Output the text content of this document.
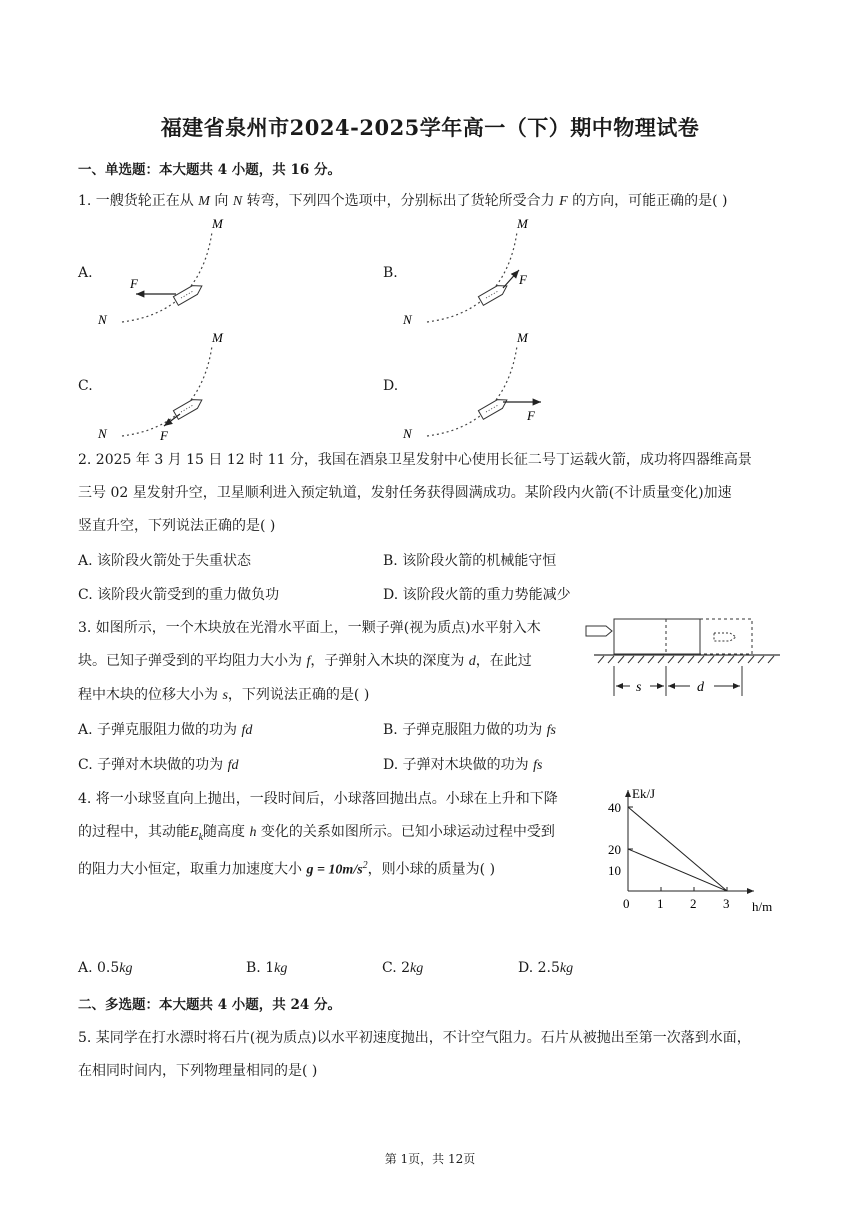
福建省泉州市2024-2025学年高一（下）期中物理试卷
一、单选题：本大题共 4 小题，共 16 分。
1. 一艘货轮正在从 M 向 N 转弯，下列四个选项中，分别标出了货轮所受合力 F 的方向，可能正确的是( )
A.	B.
C.	D.
M
N
F
M
N
F
M
N	F
M
N
F
2. 2025 年 3 月 15 日 12 时 11 分，我国在酒泉卫星发射中心使用长征二号丁运载火箭，成功将四器维高景
三号 02 星发射升空，卫星顺利进入预定轨道，发射任务获得圆满成功。某阶段内火箭(不计质量变化)加速
竖直升空，下列说法正确的是( )
A. 该阶段火箭处于失重状态	B. 该阶段火箭的机械能守恒
C. 该阶段火箭受到的重力做负功	D. 该阶段火箭的重力势能减少
3. 如图所示，一个木块放在光滑水平面上，一颗子弹(视为质点)水平射入木
块。已知子弹受到的平均阻力大小为 f，子弹射入木块的深度为 d，在此过
程中木块的位移大小为 s，下列说法正确的是( )
A. 子弹克服阻力做的功为 fd	B. 子弹克服阻力做的功为 fs
C. 子弹对木块做的功为 fd	D. 子弹对木块做的功为 fs
s	d
4. 将一小球竖直向上抛出，一段时间后，小球落回抛出点。小球在上升和下降
的过程中，其动能$E_k$随高度 h 变化的关系如图所示。已知小球运动过程中受到
的阻力大小恒定，取重力加速度大小 $g = 10m/s^2$，则小球的质量为( )
A. 0.5kg	B. 1kg	C. 2kg	D. 2.5kg
10
20
40
0 1 2 3
Ek/J
h/m
二、多选题：本大题共 4 小题，共 24 分。
5. 某同学在打水漂时将石片(视为质点)以水平初速度抛出，不计空气阻力。石片从被抛出至第一次落到水面，
在相同时间内，下列物理量相同的是( )
第 1页，共 12页
